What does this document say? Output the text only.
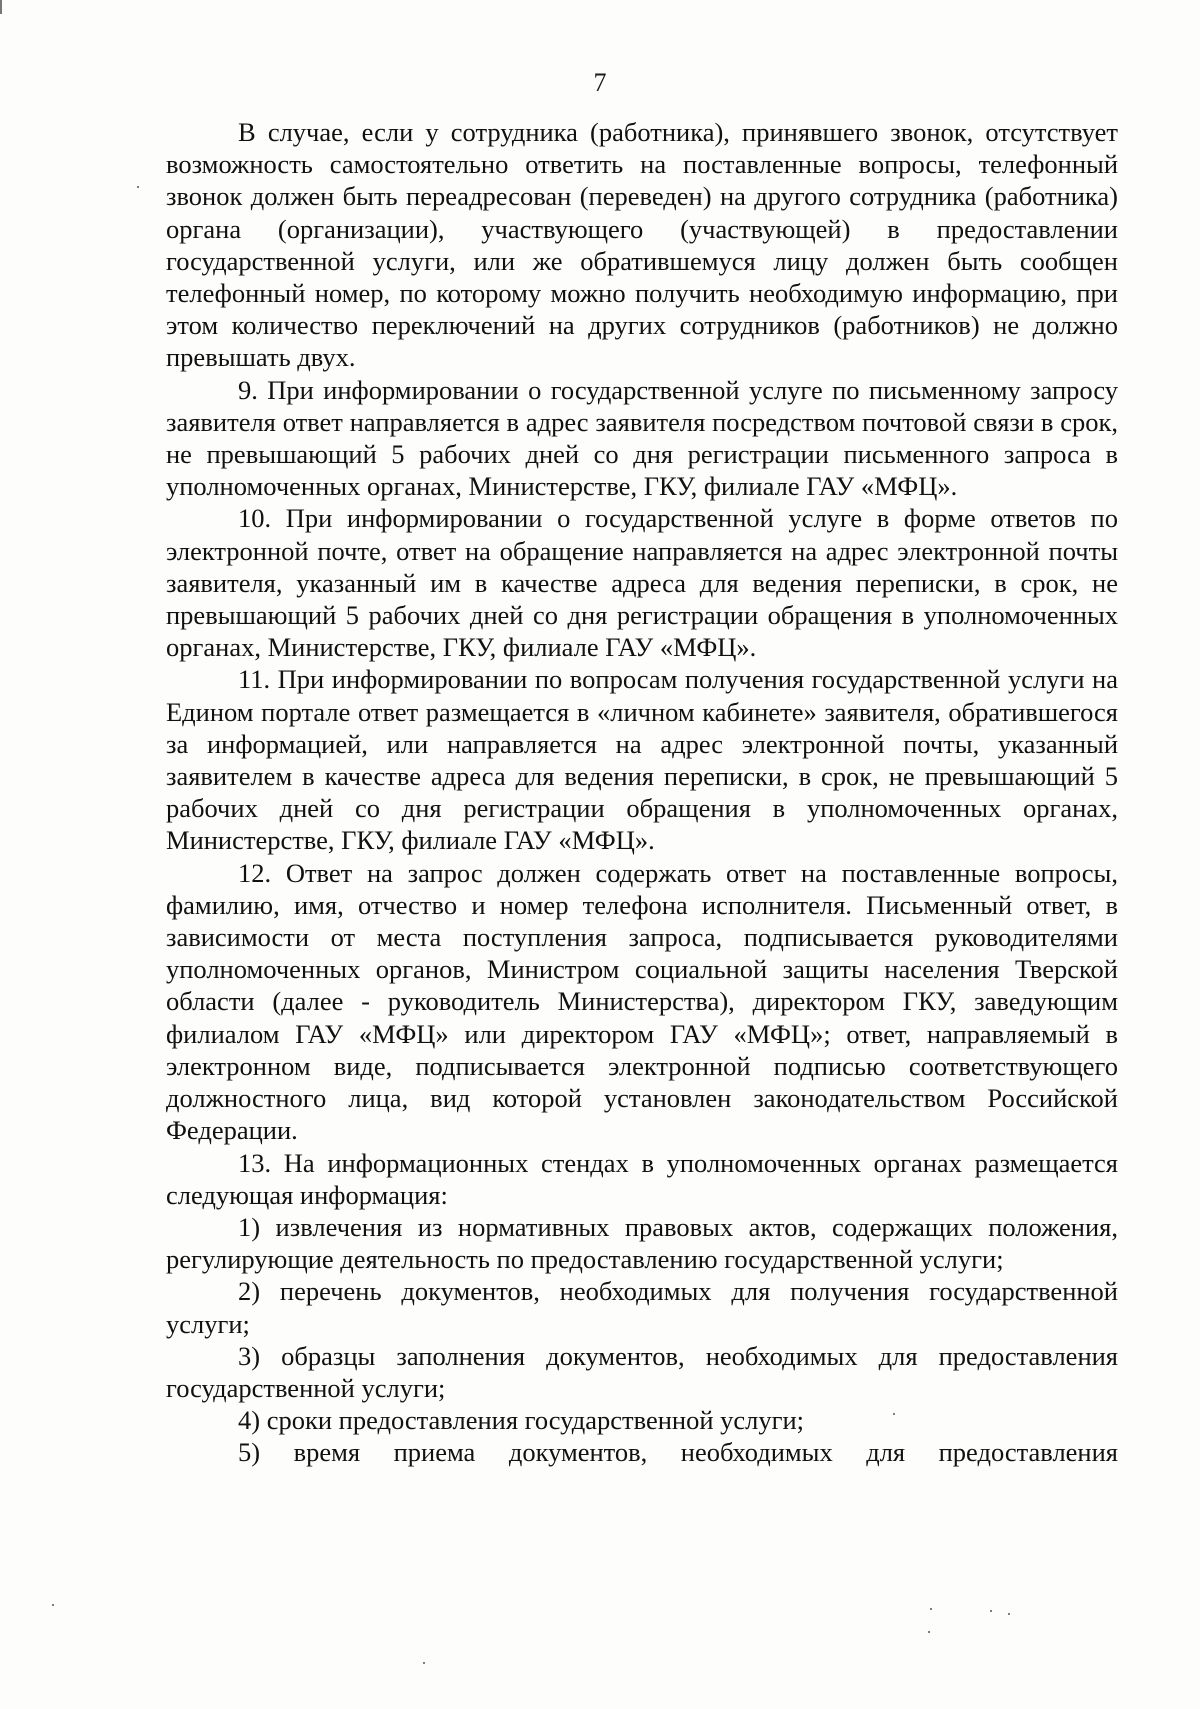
7

В случае, если у сотрудника (работника), принявшего звонок, отсутствует возможность самостоятельно ответить на поставленные вопросы, телефонный звонок должен быть переадресован (переведен) на другого сотрудника (работника) органа (организации), участвующего (участвующей) в предоставлении государственной услуги, или же обратившемуся лицу должен быть сообщен телефонный номер, по которому можно получить необходимую информацию, при этом количество переключений на других сотрудников (работников) не должно превышать двух.

9. При информировании о государственной услуге по письменному запросу заявителя ответ направляется в адрес заявителя посредством почтовой связи в срок, не превышающий 5 рабочих дней со дня регистрации письменного запроса в уполномоченных органах, Министерстве, ГКУ, филиале ГАУ «МФЦ».

10. При информировании о государственной услуге в форме ответов по электронной почте, ответ на обращение направляется на адрес электронной почты заявителя, указанный им в качестве адреса для ведения переписки, в срок, не превышающий 5 рабочих дней со дня регистрации обращения в уполномоченных органах, Министерстве, ГКУ, филиале ГАУ «МФЦ».

11. При информировании по вопросам получения государственной услуги на Едином портале ответ размещается в «личном кабинете» заявителя, обратившегося за информацией, или направляется на адрес электронной почты, указанный заявителем в качестве адреса для ведения переписки, в срок, не превышающий 5 рабочих дней со дня регистрации обращения в уполномоченных органах, Министерстве, ГКУ, филиале ГАУ «МФЦ».

12. Ответ на запрос должен содержать ответ на поставленные вопросы, фамилию, имя, отчество и номер телефона исполнителя. Письменный ответ, в зависимости от места поступления запроса, подписывается руководителями уполномоченных органов, Министром социальной защиты населения Тверской области (далее - руководитель Министерства), директором ГКУ, заведующим филиалом ГАУ «МФЦ» или директором ГАУ «МФЦ»; ответ, направляемый в электронном виде, подписывается электронной подписью соответствующего должностного лица, вид которой установлен законодательством Российской Федерации.

13. На информационных стендах в уполномоченных органах размещается следующая информация:

1) извлечения из нормативных правовых актов, содержащих положения, регулирующие деятельность по предоставлению государственной услуги;

2) перечень документов, необходимых для получения государственной услуги;

3) образцы заполнения документов, необходимых для предоставления государственной услуги;

4) сроки предоставления государственной услуги;

5) время приема документов, необходимых для предоставления
